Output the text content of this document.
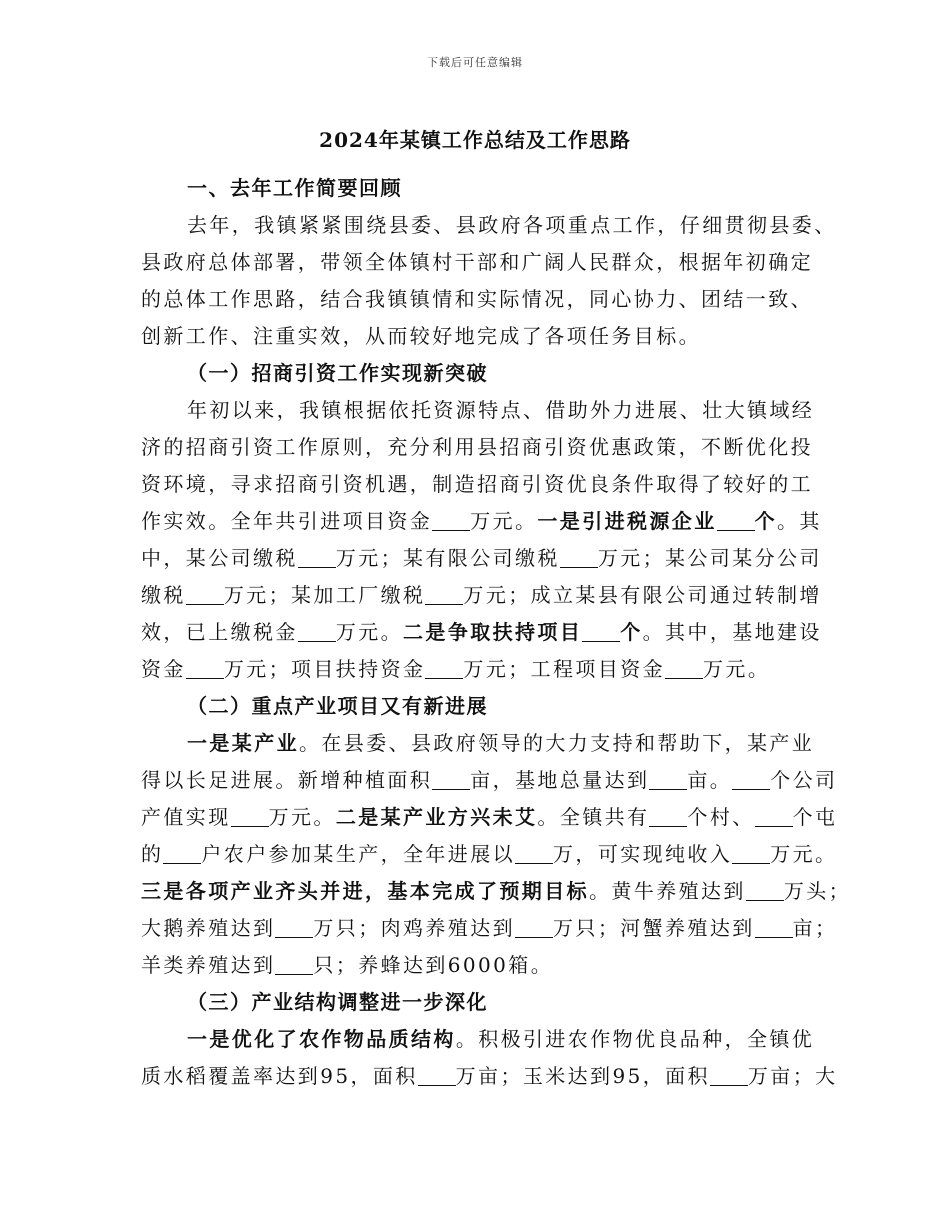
下载后可任意编辑
2024年某镇工作总结及工作思路
一、去年工作简要回顾
去年，我镇紧紧围绕县委、县政府各项重点工作，仔细贯彻县委、
县政府总体部署，带领全体镇村干部和广阔人民群众，根据年初确定
的总体工作思路，结合我镇镇情和实际情况，同心协力、团结一致、
创新工作、注重实效，从而较好地完成了各项任务目标。
（一）招商引资工作实现新突破
年初以来，我镇根据依托资源特点、借助外力进展、壮大镇域经
济的招商引资工作原则，充分利用县招商引资优惠政策，不断优化投
资环境，寻求招商引资机遇，制造招商引资优良条件取得了较好的工
作实效。全年共引进项目资金 万元。一是引进税源企业 个。其
中，某公司缴税 万元；某有限公司缴税 万元；某公司某分公司
缴税 万元；某加工厂缴税 万元；成立某县有限公司通过转制增
效，已上缴税金 万元。二是争取扶持项目 个。其中，基地建设
资金 万元；项目扶持资金 万元；工程项目资金 万元。
（二）重点产业项目又有新进展
一是某产业。在县委、县政府领导的大力支持和帮助下，某产业
得以长足进展。新增种植面积 亩，基地总量达到 亩。 个公司
产值实现 万元。二是某产业方兴未艾。全镇共有 个村、 个屯
的 户农户参加某生产，全年进展以 万，可实现纯收入 万元。
三是各项产业齐头并进，基本完成了预期目标。黄牛养殖达到 万头；
大鹅养殖达到 万只；肉鸡养殖达到 万只；河蟹养殖达到 亩；
羊类养殖达到 只；养蜂达到6000箱。
（三）产业结构调整进一步深化
一是优化了农作物品质结构。积极引进农作物优良品种，全镇优
质水稻覆盖率达到95，面积 万亩；玉米达到95，面积 万亩；大
